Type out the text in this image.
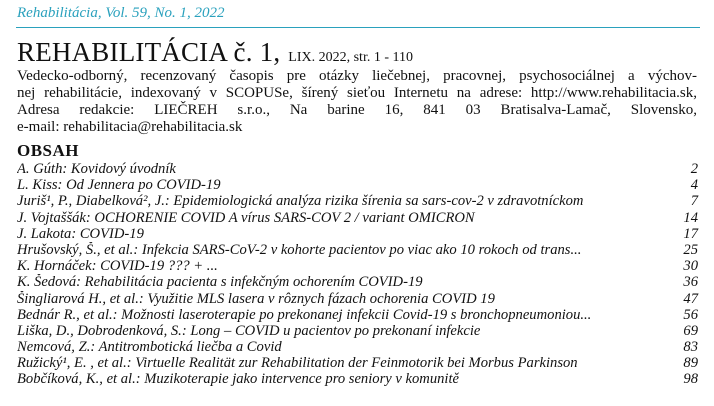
Rehabilitácia, Vol. 59, No. 1, 2022
REHABILITÁCIA č. 1, LIX. 2022, str. 1 - 110
Vedecko-odborný, recenzovaný časopis pre otázky liečebnej, pracovnej, psychosociálnej a výchov-
nej rehabilitácie, indexovaný v SCOPUSe, šírený sieťou Internetu na adrese: http://www.rehabilitacia.sk,
Adresa redakcie: LIEČREH s.r.o., Na barine 16, 841 03 Bratisalva-Lamač, Slovensko,
e-mail: rehabilitacia@rehabilitacia.sk
OBSAH
A. Gúth: Kovidový úvodník	2
L. Kiss: Od Jennera po COVID-19	4
Juriš¹, P., Diabelková², J.: Epidemiologická analýza rizika šírenia sa sars-cov-2 v zdravotníckom	7
J. Vojtaššák: OCHORENIE COVID A vírus SARS-COV 2 / variant OMICRON	14
J. Lakota: COVID-19	17
Hrušovský, Š., et al.: Infekcia SARS-CoV-2 v kohorte pacientov po viac ako 10 rokoch od trans...	25
K. Hornáček: COVID-19 ??? + ...	30
K. Šedová: Rehabilitácia pacienta s infekčným ochorením COVID-19	36
Šingliarová H., et al.: Využitie MLS lasera v rôznych fázach ochorenia COVID 19	47
Bednár R., et al.: Možnosti laseroterapie po prekonanej infekcii Covid-19 s bronchopneumoniou...	56
Liška, D., Dobrodenková, S.: Long – COVID u pacientov po prekonaní infekcie	69
Nemcová, Z.: Antitrombotická liečba a Covid	83
Ružický¹, E. , et al.: Virtuelle Realität zur Rehabilitation der Feinmotorik bei Morbus Parkinson	89
Bobčíková, K., et al.: Muzikoterapie jako intervence pro seniory v komunitě	98
